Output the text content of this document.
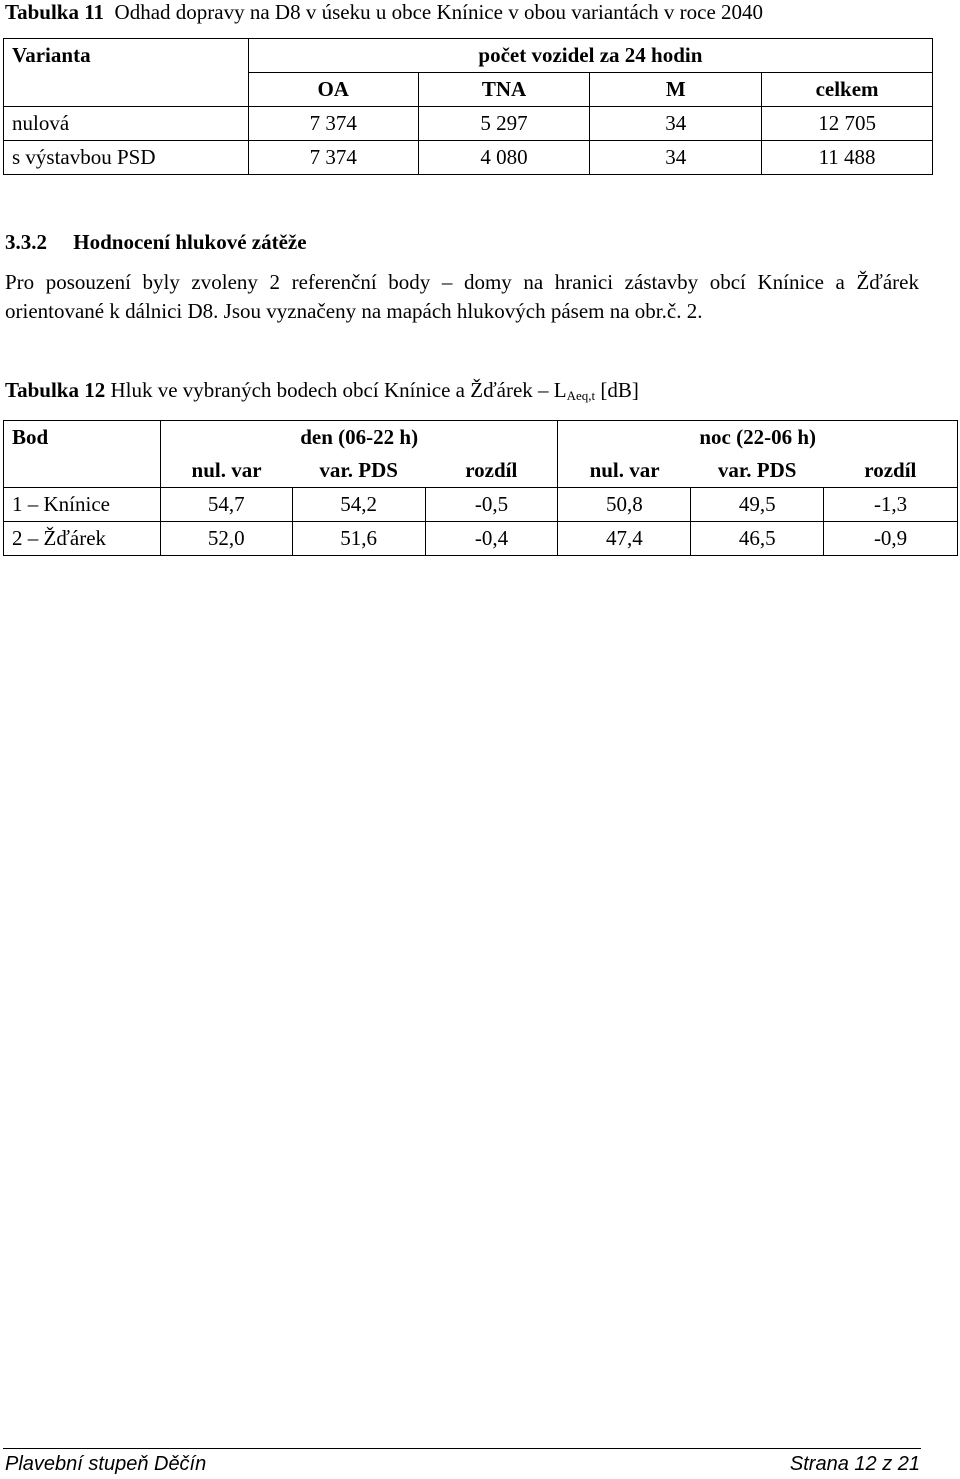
Tabulka 11 Odhad dopravy na D8 v úseku u obce Knínice v obou variantách v roce 2040
Varianta	počet vozidel za 24 hodin			
	OA	TNA	M	celkem
nulová	7 374	5 297	34	12 705
s výstavbou PSD	7 374	4 080	34	11 488
3.3.2 Hodnocení hlukové zátěže
Pro posouzení byly zvoleny 2 referenční body – domy na hranici zástavby obcí Knínice a Žďárek orientované k dálnici D8. Jsou vyznačeny na mapách hlukových pásem na obr.č. 2.
Tabulka 12 Hluk ve vybraných bodech obcí Knínice a Žďárek – $L_{Aeq,t}$ [dB]
Bod	den (06-22 h)			noc (22-06 h)		
	nul. var	var. PDS	rozdíl	nul. var	var. PDS	rozdíl
1 – Knínice	54,7	54,2	-0,5	50,8	49,5	-1,3
2 – Žďárek	52,0	51,6	-0,4	47,4	46,5	-0,9
Plavební stupeň Děčín	Strana 12 z 21
